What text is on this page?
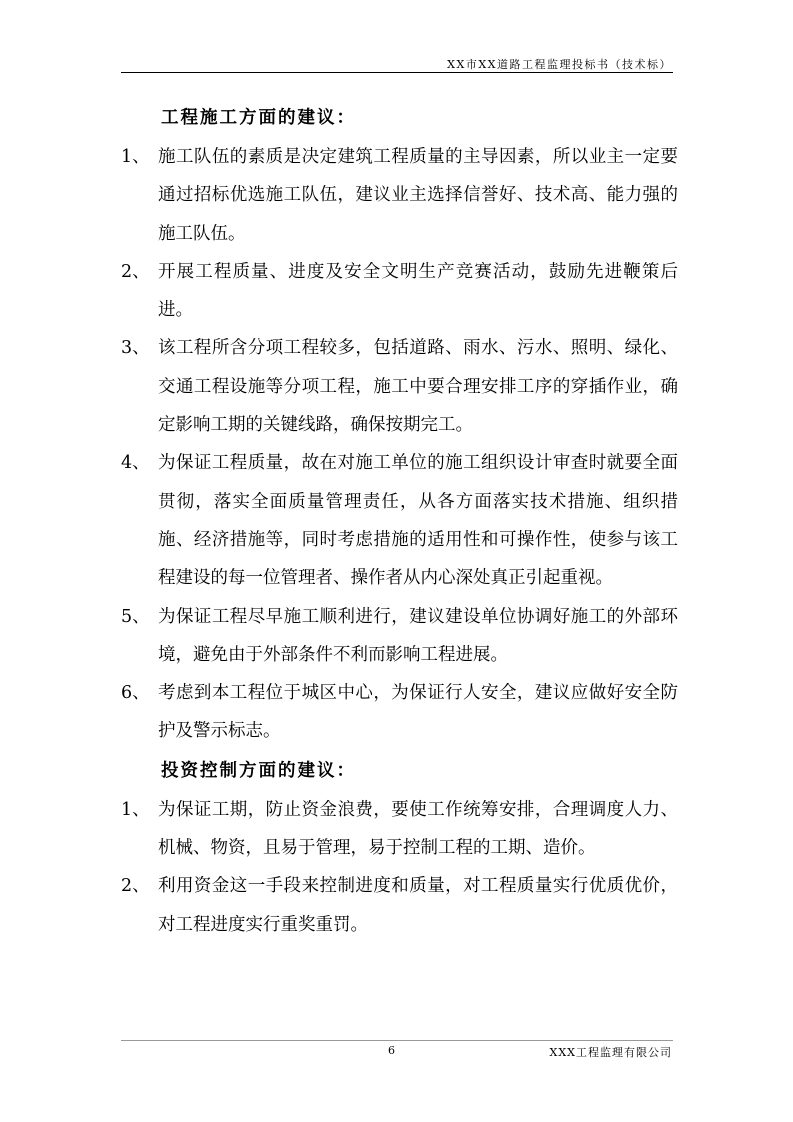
XX市XX道路工程监理投标书（技术标）
工程施工方面的建议：
1、 施工队伍的素质是决定建筑工程质量的主导因素，所以业主一定要通过招标优选施工队伍，建议业主选择信誉好、技术高、能力强的施工队伍。
2、 开展工程质量、进度及安全文明生产竞赛活动，鼓励先进鞭策后进。
3、 该工程所含分项工程较多，包括道路、雨水、污水、照明、绿化、交通工程设施等分项工程，施工中要合理安排工序的穿插作业，确定影响工期的关键线路，确保按期完工。
4、 为保证工程质量，故在对施工单位的施工组织设计审查时就要全面贯彻，落实全面质量管理责任，从各方面落实技术措施、组织措施、经济措施等，同时考虑措施的适用性和可操作性，使参与该工程建设的每一位管理者、操作者从内心深处真正引起重视。
5、 为保证工程尽早施工顺利进行，建议建设单位协调好施工的外部环境，避免由于外部条件不利而影响工程进展。
6、 考虑到本工程位于城区中心，为保证行人安全，建议应做好安全防护及警示标志。
投资控制方面的建议：
1、 为保证工期，防止资金浪费，要使工作统筹安排，合理调度人力、机械、物资，且易于管理，易于控制工程的工期、造价。
2、 利用资金这一手段来控制进度和质量，对工程质量实行优质优价，对工程进度实行重奖重罚。
6	XXX工程监理有限公司
